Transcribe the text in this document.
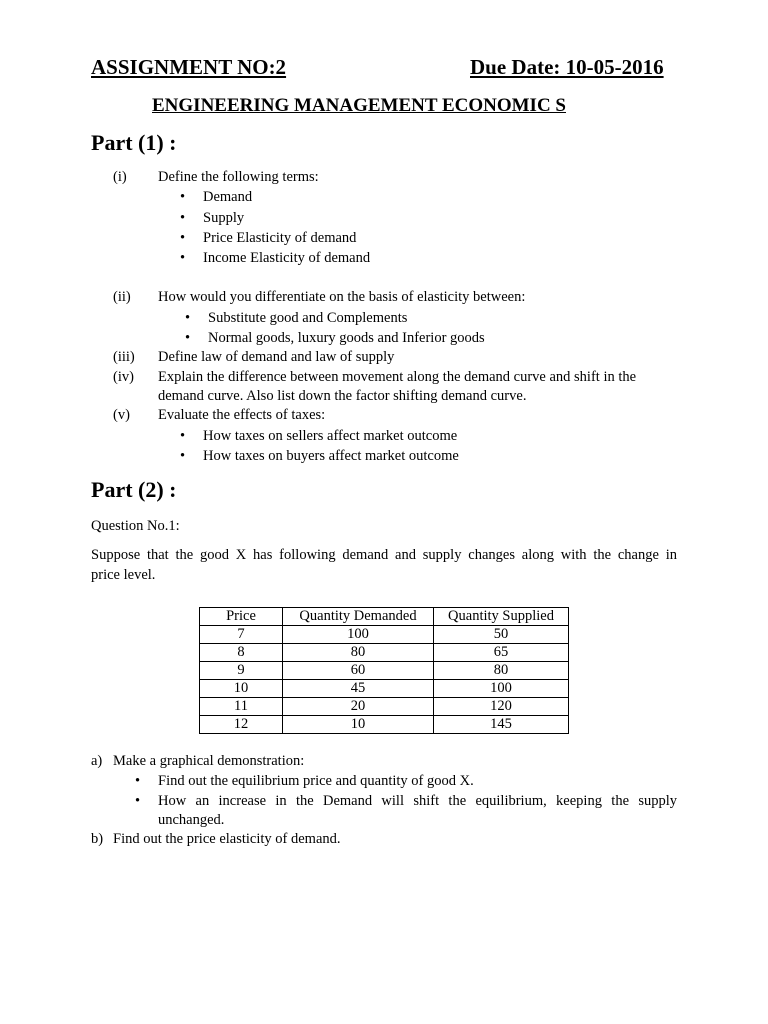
ASSIGNMENT NO:2	Due Date: 10-05-2016
ENGINEERING MANAGEMENT ECONOMIC S
Part (1) :
(i) Define the following terms:
• Demand
• Supply
• Price Elasticity of demand
• Income Elasticity of demand
(ii) How would you differentiate on the basis of elasticity between:
• Substitute good and Complements
• Normal goods, luxury goods and Inferior goods
(iii) Define law of demand and law of supply
(iv) Explain the difference between movement along the demand curve and shift in the
demand curve. Also list down the factor shifting demand curve.
(v) Evaluate the effects of taxes:
• How taxes on sellers affect market outcome
• How taxes on buyers affect market outcome
Part (2) :
Question No.1:
Suppose that the good X has following demand and supply changes along with the change in
price level.
Price	Quantity Demanded	Quantity Supplied
7	100	50
8	80	65
9	60	80
10	45	100
11	20	120
12	10	145
a) Make a graphical demonstration:
• Find out the equilibrium price and quantity of good X.
• How an increase in the Demand will shift the equilibrium, keeping the supply
unchanged.
b) Find out the price elasticity of demand.
